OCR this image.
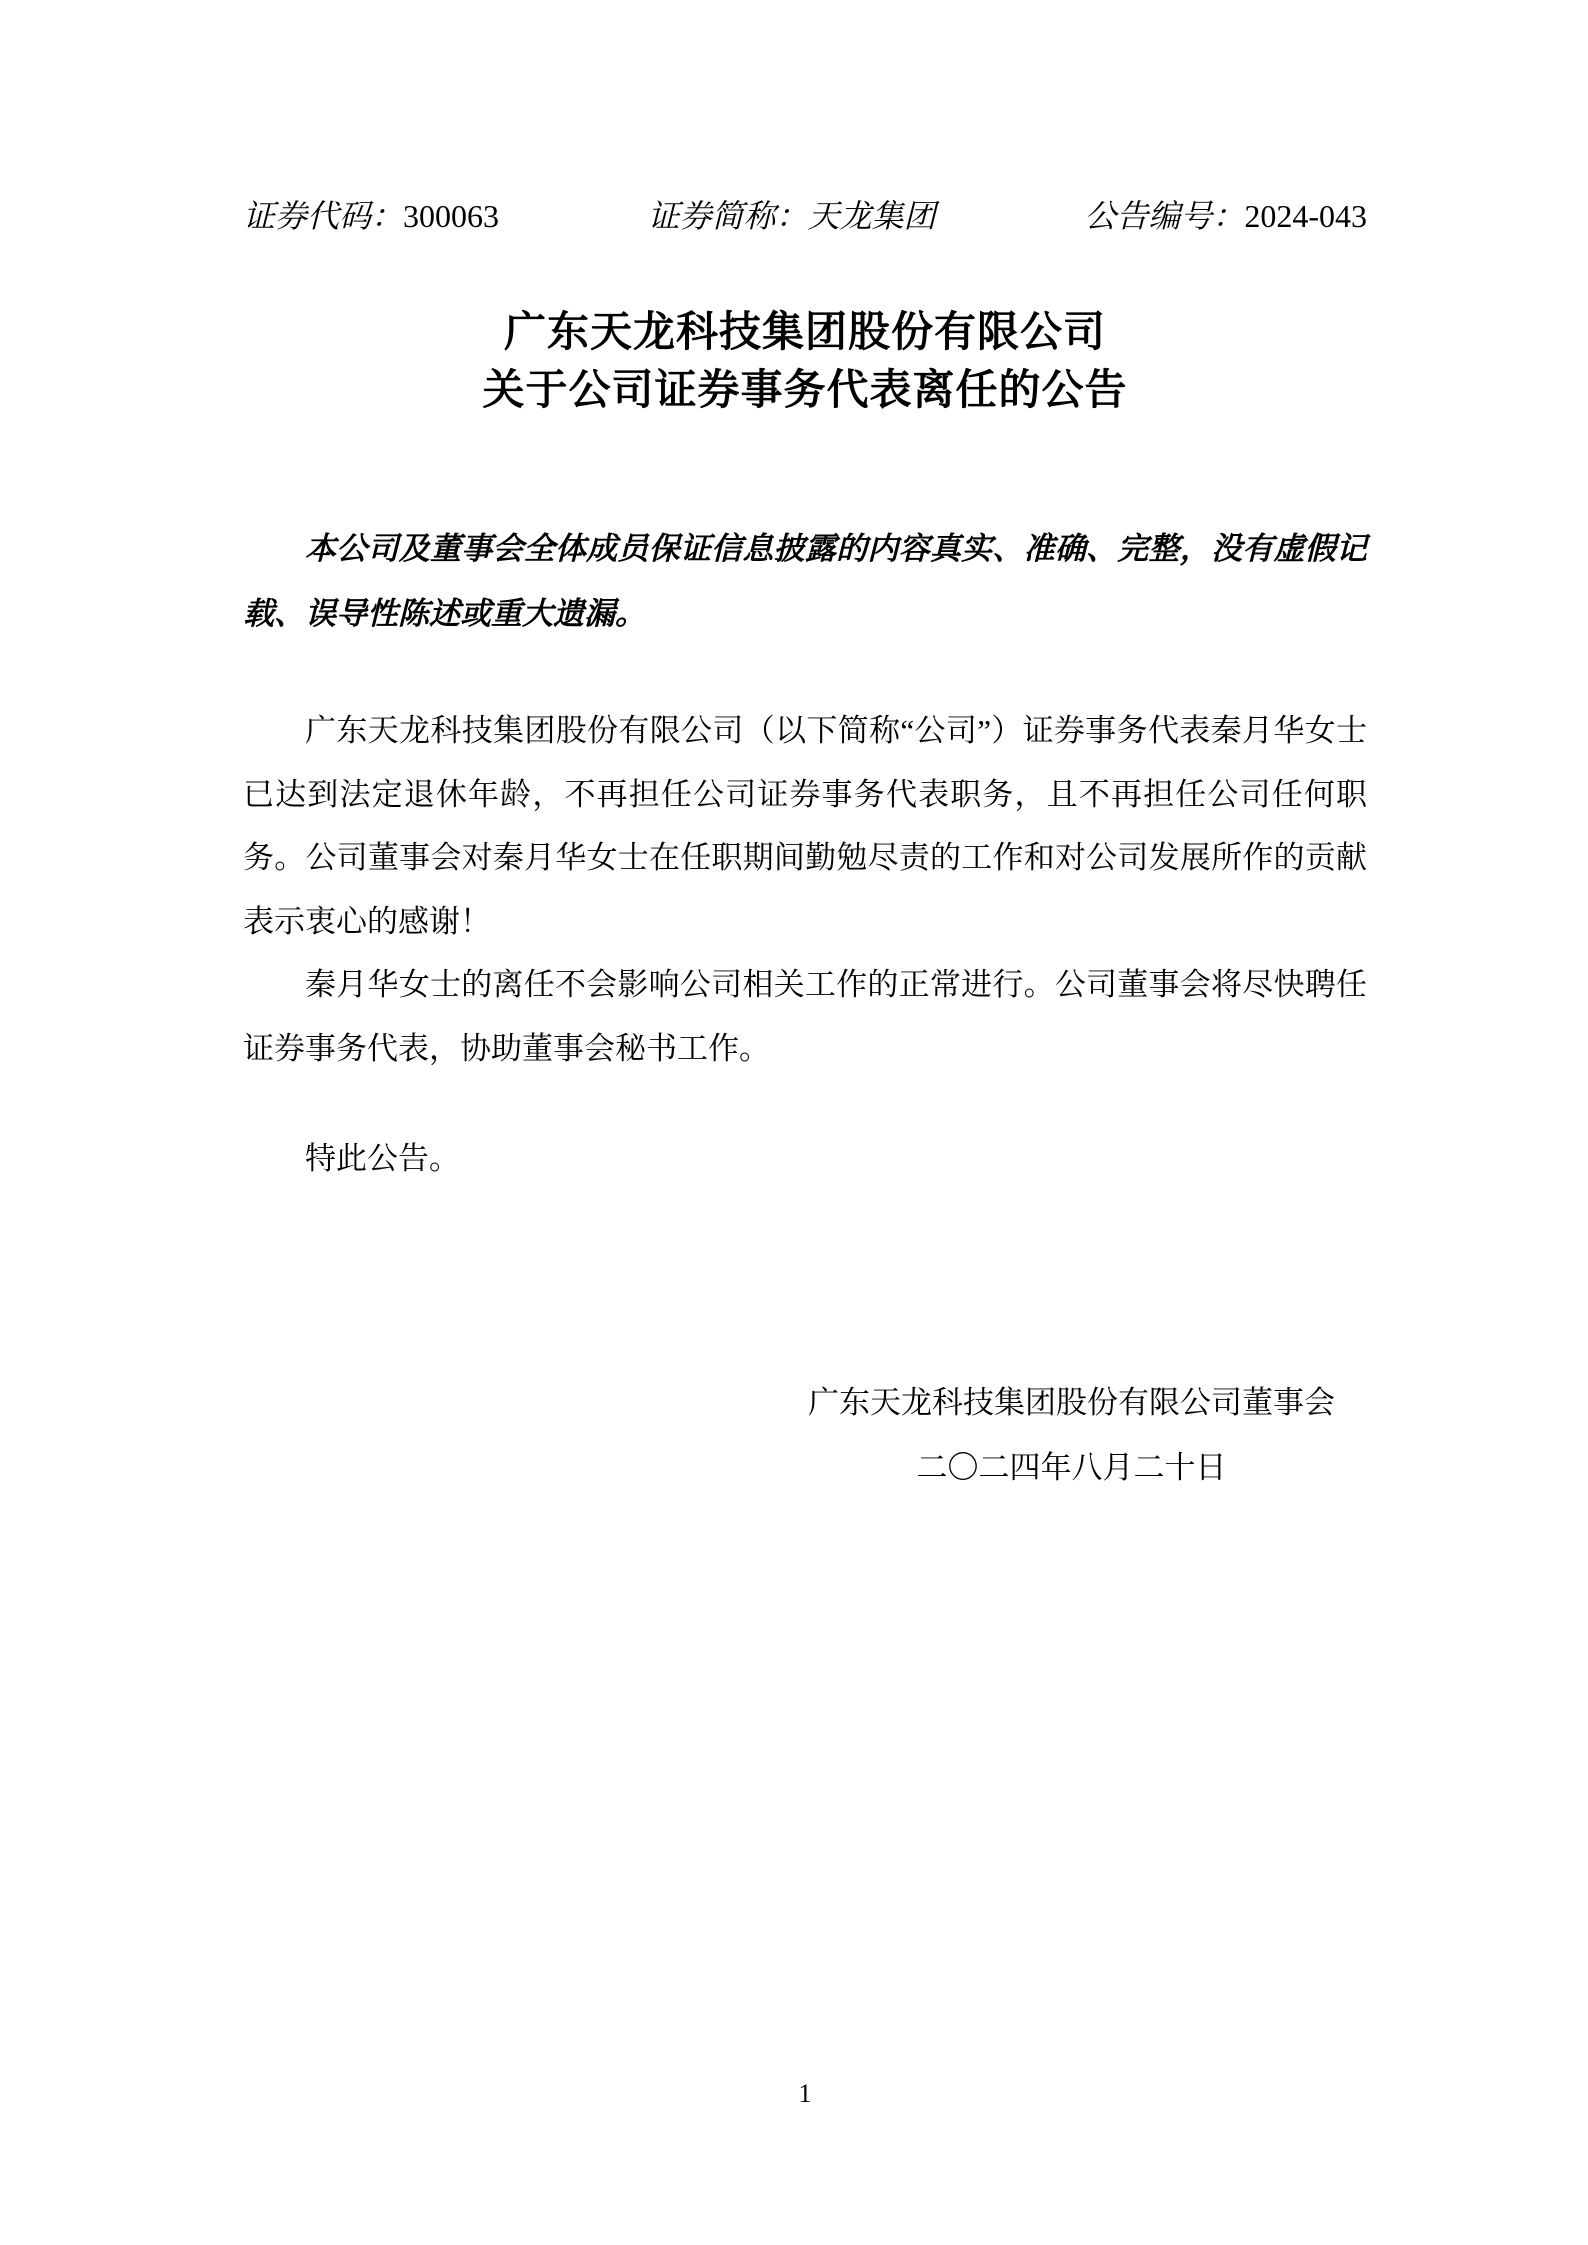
证券代码：300063	证券简称：天龙集团	公告编号：2024-043
广东天龙科技集团股份有限公司
关于公司证券事务代表离任的公告
本公司及董事会全体成员保证信息披露的内容真实、准确、完整，没有虚假记载、误导性陈述或重大遗漏。

广东天龙科技集团股份有限公司（以下简称“公司”）证券事务代表秦月华女士已达到法定退休年龄，不再担任公司证券事务代表职务，且不再担任公司任何职务。公司董事会对秦月华女士在任职期间勤勉尽责的工作和对公司发展所作的贡献表示衷心的感谢！

秦月华女士的离任不会影响公司相关工作的正常进行。公司董事会将尽快聘任证券事务代表，协助董事会秘书工作。

特此公告。
广东天龙科技集团股份有限公司董事会
二〇二四年八月二十日
1
